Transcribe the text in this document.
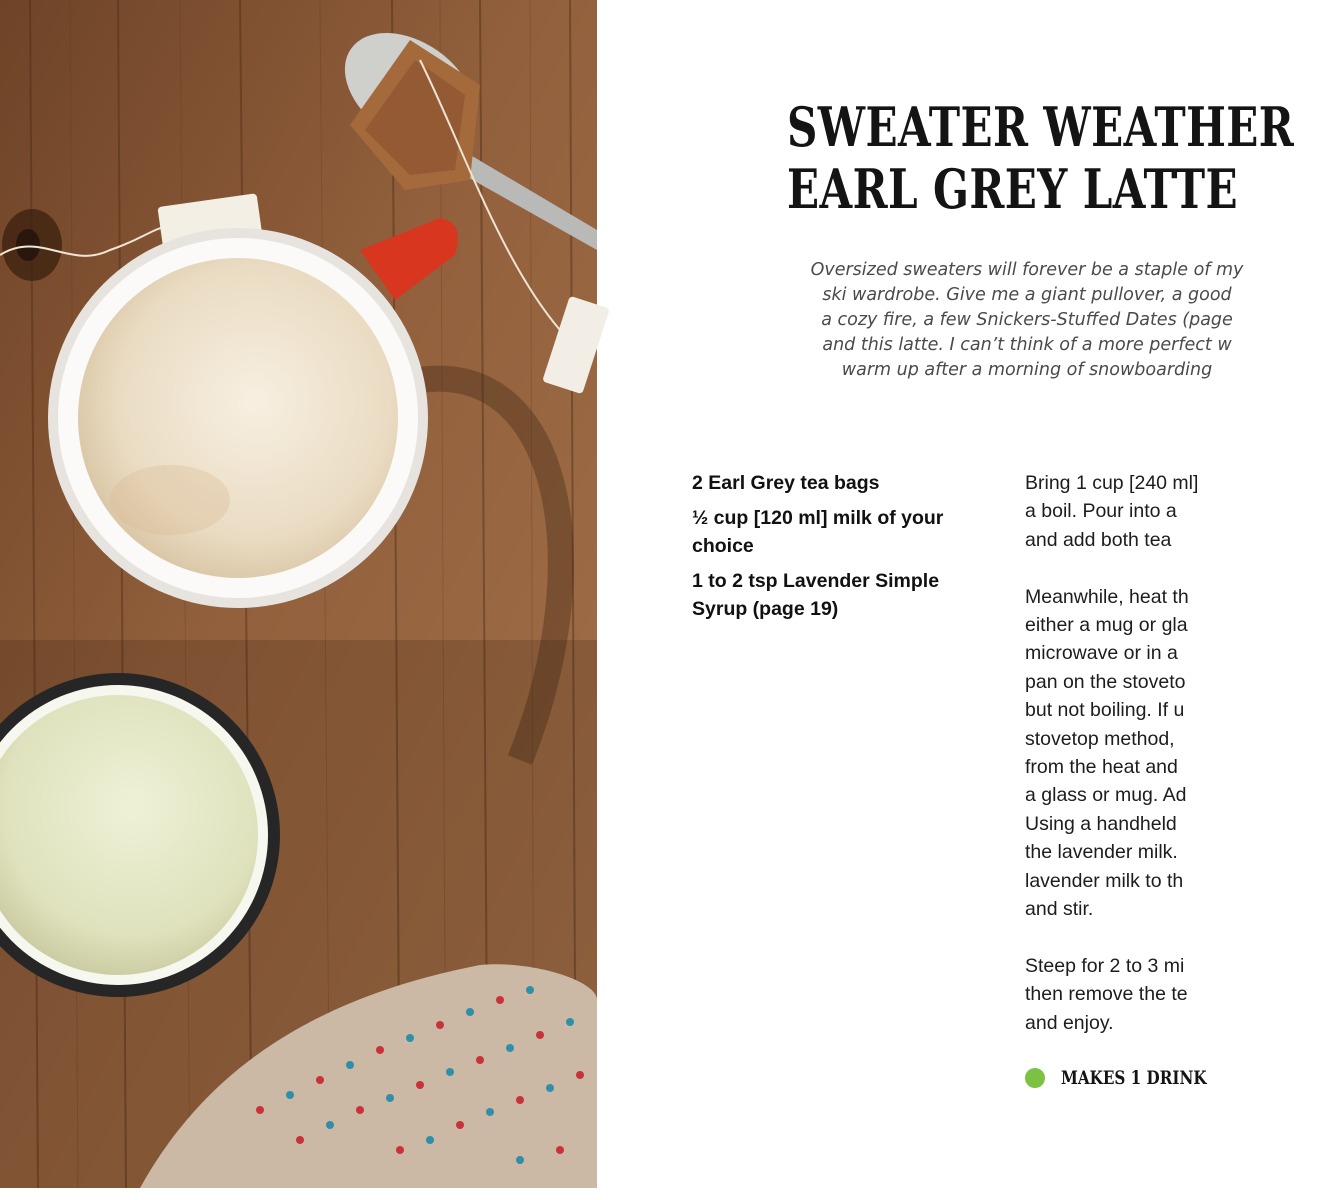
SWEATER WEATHER
EARL GREY LATTE

Oversized sweaters will forever be a staple of my
ski wardrobe. Give me a giant pullover, a good
a cozy fire, a few Snickers-Stuffed Dates (page
and this latte. I can’t think of a more perfect w
warm up after a morning of snowboarding

2 Earl Grey tea bags
½ cup [120 ml] milk of your choice
1 to 2 tsp Lavender Simple Syrup (page 19)

Bring 1 cup [240 ml]
a boil. Pour into a
and add both tea

Meanwhile, heat th
either a mug or gla
microwave or in a
pan on the stoveto
but not boiling. If u
stovetop method,
from the heat and
a glass or mug. Ad
Using a handheld
the lavender milk.
lavender milk to th
and stir.

Steep for 2 to 3 mi
then remove the te
and enjoy.

MAKES 1 DRINK
